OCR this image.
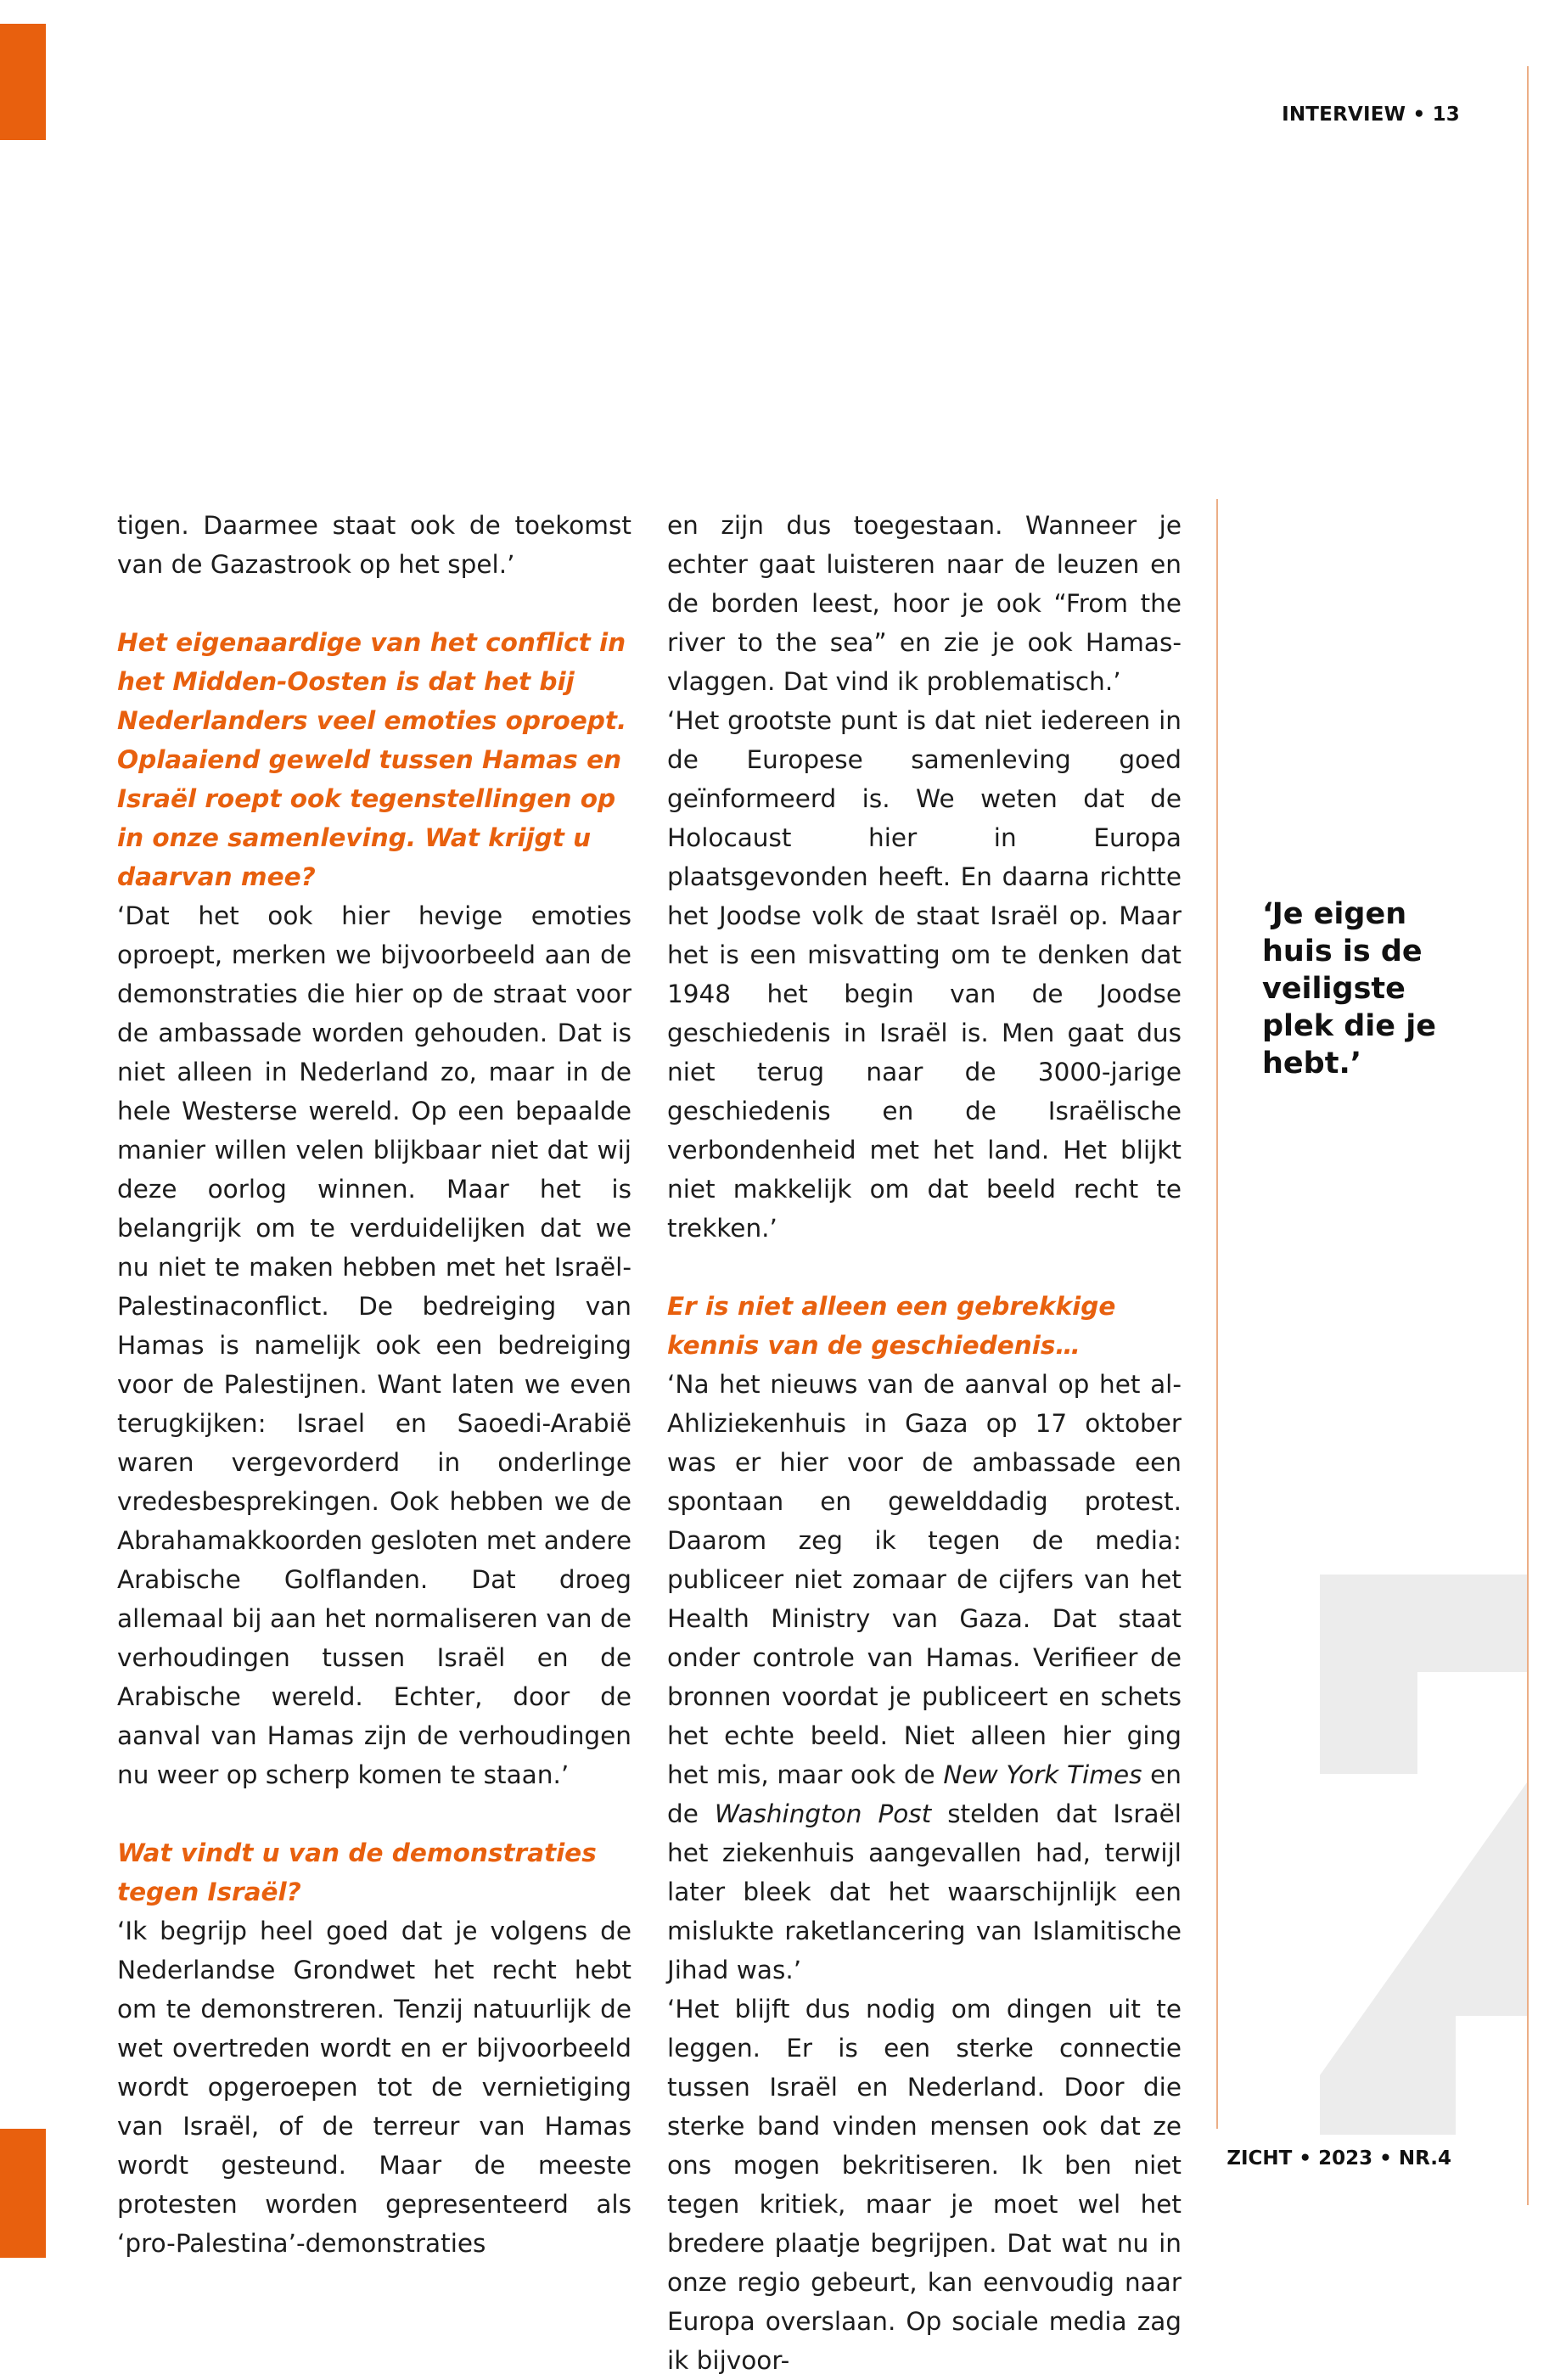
INTERVIEW • 13

tigen. Daarmee staat ook de toekomst van de Gazastrook op het spel.’

Het eigenaardige van het conflict in het Midden-Oosten is dat het bij Nederlanders veel emoties oproept. Oplaaiend geweld tussen Hamas en Israël roept ook tegenstellingen op in onze samenleving. Wat krijgt u daarvan mee?

‘Dat het ook hier hevige emoties oproept, merken we bijvoorbeeld aan de demonstraties die hier op de straat voor de ambassade worden gehouden. Dat is niet alleen in Nederland zo, maar in de hele Westerse wereld. Op een bepaalde manier willen velen blijkbaar niet dat wij deze oorlog winnen. Maar het is belangrijk om te verduidelijken dat we nu niet te maken hebben met het Israël-Palestinaconflict. De bedreiging van Hamas is namelijk ook een bedreiging voor de Palestijnen. Want laten we even terugkijken: Israel en Saoedi-Arabië waren vergevorderd in onderlinge vredesbesprekingen. Ook hebben we de Abrahamakkoorden gesloten met andere Arabische Golflanden. Dat droeg allemaal bij aan het normaliseren van de verhoudingen tussen Israël en de Arabische wereld. Echter, door de aanval van Hamas zijn de verhoudingen nu weer op scherp komen te staan.’

Wat vindt u van de demonstraties tegen Israël?

‘Ik begrijp heel goed dat je volgens de Nederlandse Grondwet het recht hebt om te demonstreren. Tenzij natuurlijk de wet overtreden wordt en er bijvoorbeeld wordt opgeroepen tot de vernietiging van Israël, of de terreur van Hamas wordt gesteund. Maar de meeste protesten worden gepresenteerd als ‘pro-Palestina’-demonstraties

en zijn dus toegestaan. Wanneer je echter gaat luisteren naar de leuzen en de borden leest, hoor je ook “From the river to the sea” en zie je ook Hamas-vlaggen. Dat vind ik problematisch.’

‘Het grootste punt is dat niet iedereen in de Europese samenleving goed geïnformeerd is. We weten dat de Holocaust hier in Europa plaatsgevonden heeft. En daarna richtte het Joodse volk de staat Israël op. Maar het is een misvatting om te denken dat 1948 het begin van de Joodse geschiedenis in Israël is. Men gaat dus niet terug naar de 3000-jarige geschiedenis en de Israëlische verbondenheid met het land. Het blijkt niet makkelijk om dat beeld recht te trekken.’

Er is niet alleen een gebrekkige kennis van de geschiedenis…

‘Na het nieuws van de aanval op het al-Ahliziekenhuis in Gaza op 17 oktober was er hier voor de ambassade een spontaan en gewelddadig protest. Daarom zeg ik tegen de media: publiceer niet zomaar de cijfers van het Health Ministry van Gaza. Dat staat onder controle van Hamas. Verifieer de bronnen voordat je publiceert en schets het echte beeld. Niet alleen hier ging het mis, maar ook de New York Times en de Washington Post stelden dat Israël het ziekenhuis aangevallen had, terwijl later bleek dat het waarschijnlijk een mislukte raketlancering van Islamitische Jihad was.’

‘Het blijft dus nodig om dingen uit te leggen. Er is een sterke connectie tussen Israël en Nederland. Door die sterke band vinden mensen ook dat ze ons mogen bekritiseren. Ik ben niet tegen kritiek, maar je moet wel het bredere plaatje begrijpen. Dat wat nu in onze regio gebeurt, kan eenvoudig naar Europa overslaan. Op sociale media zag ik bijvoor-

‘Je eigen huis is de veiligste plek die je hebt.’
ZICHT • 2023 • NR.4
